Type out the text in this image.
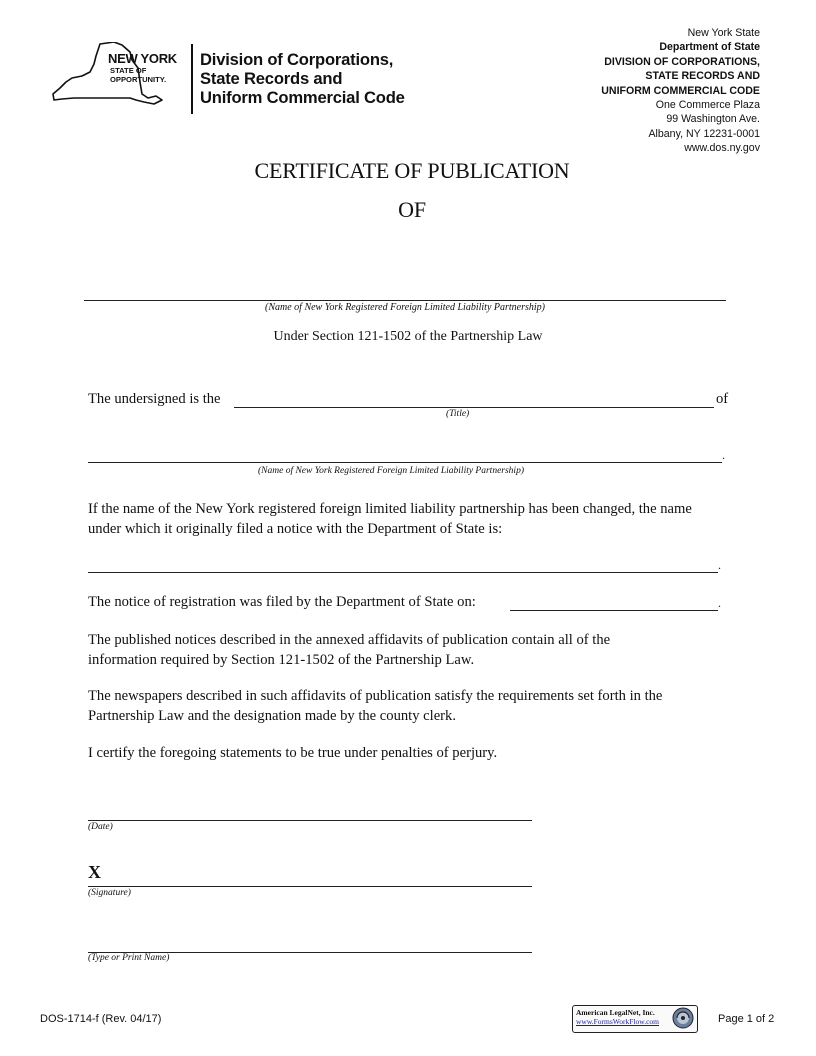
NEW YORK
STATE OF
OPPORTUNITY.
Division of Corporations,
State Records and
Uniform Commercial Code
New York State
Department of State
DIVISION OF CORPORATIONS,
STATE RECORDS AND
UNIFORM COMMERCIAL CODE
One Commerce Plaza
99 Washington Ave.
Albany, NY 12231-0001
www.dos.ny.gov
CERTIFICATE OF PUBLICATION
OF
(Name of New York Registered Foreign Limited Liability Partnership)
Under Section 121-1502 of the Partnership Law
The undersigned is the	of
(Title)
.
(Name of New York Registered Foreign Limited Liability Partnership)
If the name of the New York registered foreign limited liability partnership has been changed, the name under which it originally filed a notice with the Department of State is:
.
The notice of registration was filed by the Department of State on:	.
The published notices described in the annexed affidavits of publication contain all of the information required by Section 121-1502 of the Partnership Law.
The newspapers described in such affidavits of publication satisfy the requirements set forth in the Partnership Law and the designation made by the county clerk.
I certify the foregoing statements to be true under penalties of perjury.
(Date)
X
(Signature)
(Type or Print Name)
DOS-1714-f (Rev. 04/17)
American LegalNet, Inc.
www.FormsWorkFlow.com	Page 1 of 2
